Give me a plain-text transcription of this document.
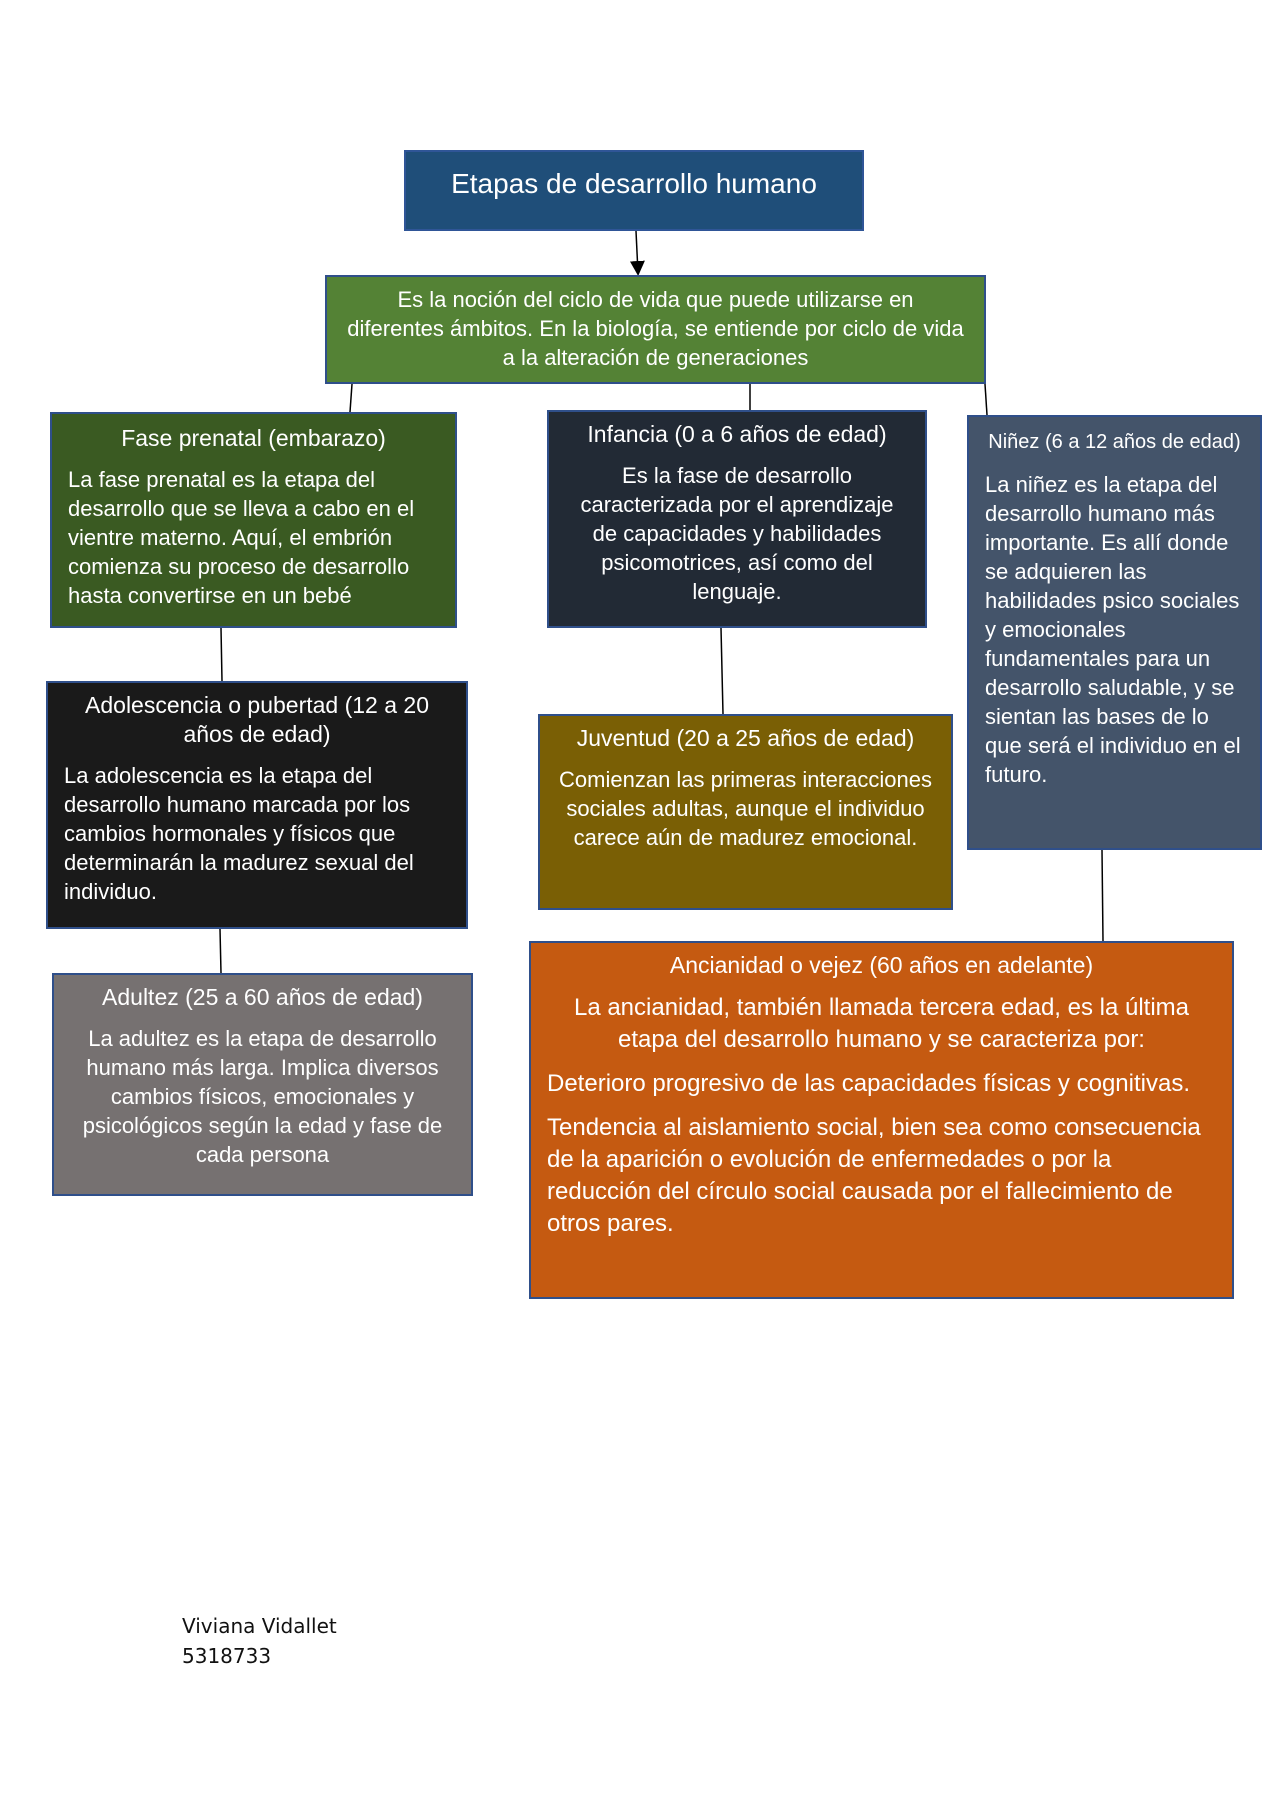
Etapas de desarrollo humano
Es la noción del ciclo de vida que puede utilizarse en diferentes ámbitos. En la biología, se entiende por ciclo de vida a la alteración de generaciones
Fase prenatal (embarazo)
La fase prenatal es la etapa del desarrollo que se lleva a cabo en el vientre materno. Aquí, el embrión comienza su proceso de desarrollo hasta convertirse en un bebé
Infancia (0 a 6 años de edad)
Es la fase de desarrollo caracterizada por el aprendizaje de capacidades y habilidades psicomotrices, así como del lenguaje.
Niñez (6 a 12 años de edad)
La niñez es la etapa del desarrollo humano más importante. Es allí donde se adquieren las habilidades psico sociales y emocionales fundamentales para un desarrollo saludable, y se sientan las bases de lo que será el individuo en el futuro.
Adolescencia o pubertad (12 a 20 años de edad)
La adolescencia es la etapa del desarrollo humano marcada por los cambios hormonales y físicos que determinarán la madurez sexual del individuo.
Juventud (20 a 25 años de edad)
Comienzan las primeras interacciones sociales adultas, aunque el individuo carece aún de madurez emocional.
Adultez (25 a 60 años de edad)
La adultez es la etapa de desarrollo humano más larga. Implica diversos cambios físicos, emocionales y psicológicos según la edad y fase de cada persona
Ancianidad o vejez (60 años en adelante)
La ancianidad, también llamada tercera edad, es la última etapa del desarrollo humano y se caracteriza por:
Deterioro progresivo de las capacidades físicas y cognitivas.
Tendencia al aislamiento social, bien sea como consecuencia de la aparición o evolución de enfermedades o por la reducción del círculo social causada por el fallecimiento de otros pares.
Viviana Vidallet
5318733
